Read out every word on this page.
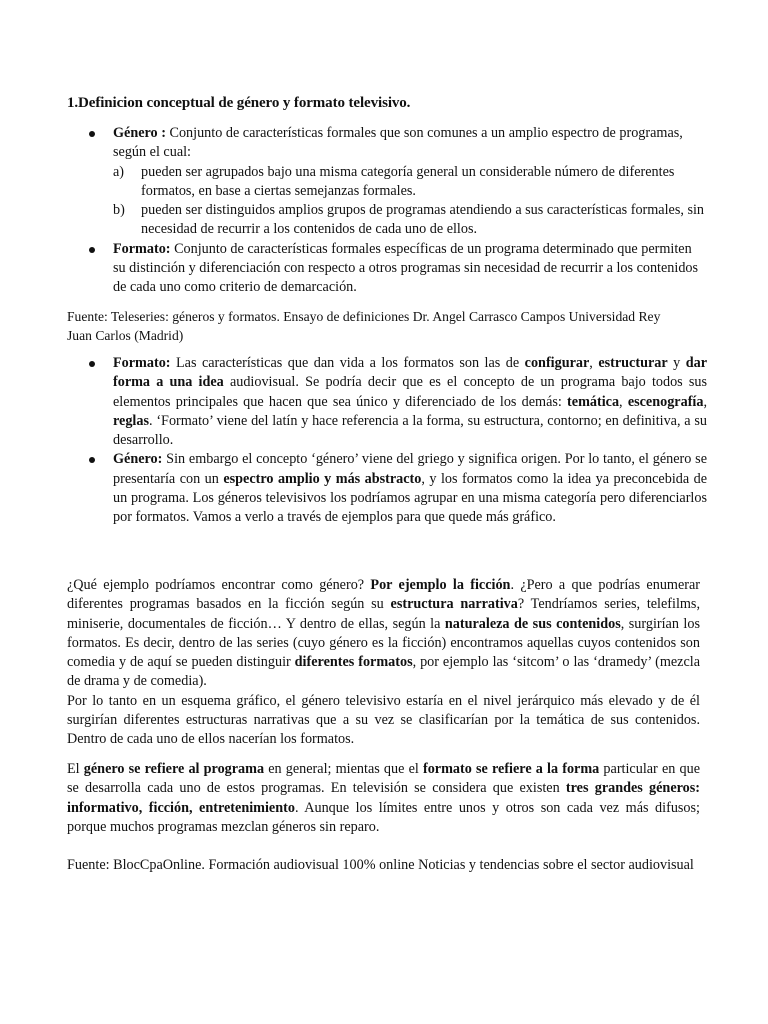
1.Definicion conceptual de género y formato televisivo.
Género : Conjunto de características formales que son comunes a un amplio espectro de programas, según el cual:
a) pueden ser agrupados bajo una misma categoría general un considerable número de diferentes formatos, en base a ciertas semejanzas formales.
b) pueden ser distinguidos amplios grupos de programas atendiendo a sus características formales, sin necesidad de recurrir a los contenidos de cada uno de ellos.
Formato: Conjunto de características formales específicas de un programa determinado que permiten su distinción y diferenciación con respecto a otros programas sin necesidad de recurrir a los contenidos de cada uno como criterio de demarcación.
Fuente: Teleseries: géneros y formatos. Ensayo de definiciones Dr. Angel Carrasco Campos Universidad Rey
Juan Carlos (Madrid)
Formato: Las características que dan vida a los formatos son las de configurar, estructurar y dar forma a una idea audiovisual. Se podría decir que es el concepto de un programa bajo todos sus elementos principales que hacen que sea único y diferenciado de los demás: temática, escenografía, reglas. ‘Formato’ viene del latín y hace referencia a la forma, su estructura, contorno; en definitiva, a su desarrollo.
Género: Sin embargo el concepto ‘género’ viene del griego y significa origen. Por lo tanto, el género se presentaría con un espectro amplio y más abstracto, y los formatos como la idea ya preconcebida de un programa. Los géneros televisivos los podríamos agrupar en una misma categoría pero diferenciarlos por formatos. Vamos a verlo a través de ejemplos para que quede más gráfico.
¿Qué ejemplo podríamos encontrar como género? Por ejemplo la ficción. ¿Pero a que podrías enumerar diferentes programas basados en la ficción según su estructura narrativa? Tendríamos series, telefilms, miniserie, documentales de ficción… Y dentro de ellas, según la naturaleza de sus contenidos, surgirían los formatos. Es decir, dentro de las series (cuyo género es la ficción) encontramos aquellas cuyos contenidos son comedia y de aquí se pueden distinguir diferentes formatos, por ejemplo las ‘sitcom’ o las ‘dramedy’ (mezcla de drama y de comedia).
Por lo tanto en un esquema gráfico, el género televisivo estaría en el nivel jerárquico más elevado y de él surgirían diferentes estructuras narrativas que a su vez se clasificarían por la temática de sus contenidos. Dentro de cada uno de ellos nacerían los formatos.
El género se refiere al programa en general; mientas que el formato se refiere a la forma particular en que se desarrolla cada uno de estos programas. En televisión se considera que existen tres grandes géneros: informativo, ficción, entretenimiento. Aunque los límites entre unos y otros son cada vez más difusos; porque muchos programas mezclan géneros sin reparo.
Fuente: BlocCpaOnline. Formación audiovisual 100% online Noticias y tendencias sobre el sector audiovisual
